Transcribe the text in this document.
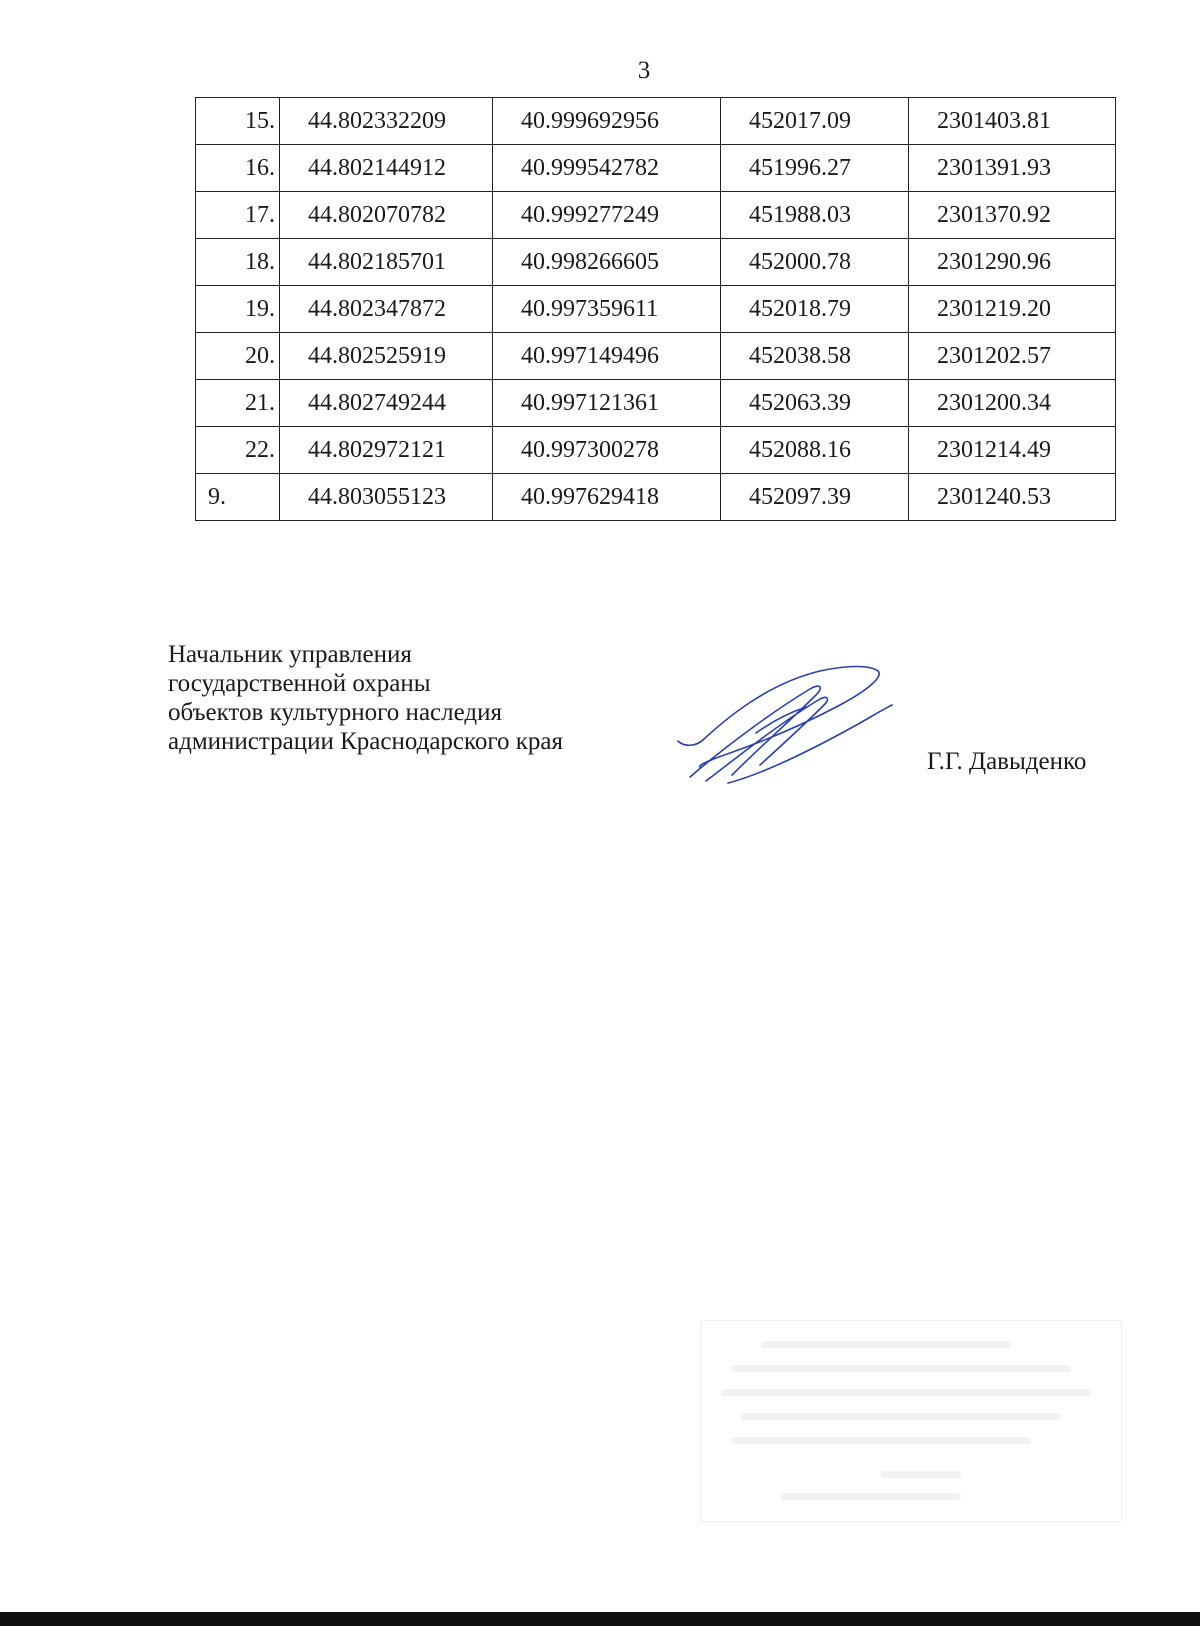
3
15.	44.802332209	40.999692956	452017.09	2301403.81
16.	44.802144912	40.999542782	451996.27	2301391.93
17.	44.802070782	40.999277249	451988.03	2301370.92
18.	44.802185701	40.998266605	452000.78	2301290.96
19.	44.802347872	40.997359611	452018.79	2301219.20
20.	44.802525919	40.997149496	452038.58	2301202.57
21.	44.802749244	40.997121361	452063.39	2301200.34
22.	44.802972121	40.997300278	452088.16	2301214.49
9.	44.803055123	40.997629418	452097.39	2301240.53
Начальник управления
государственной охраны
объектов культурного наследия
администрации Краснодарского края
Г.Г. Давыденко
